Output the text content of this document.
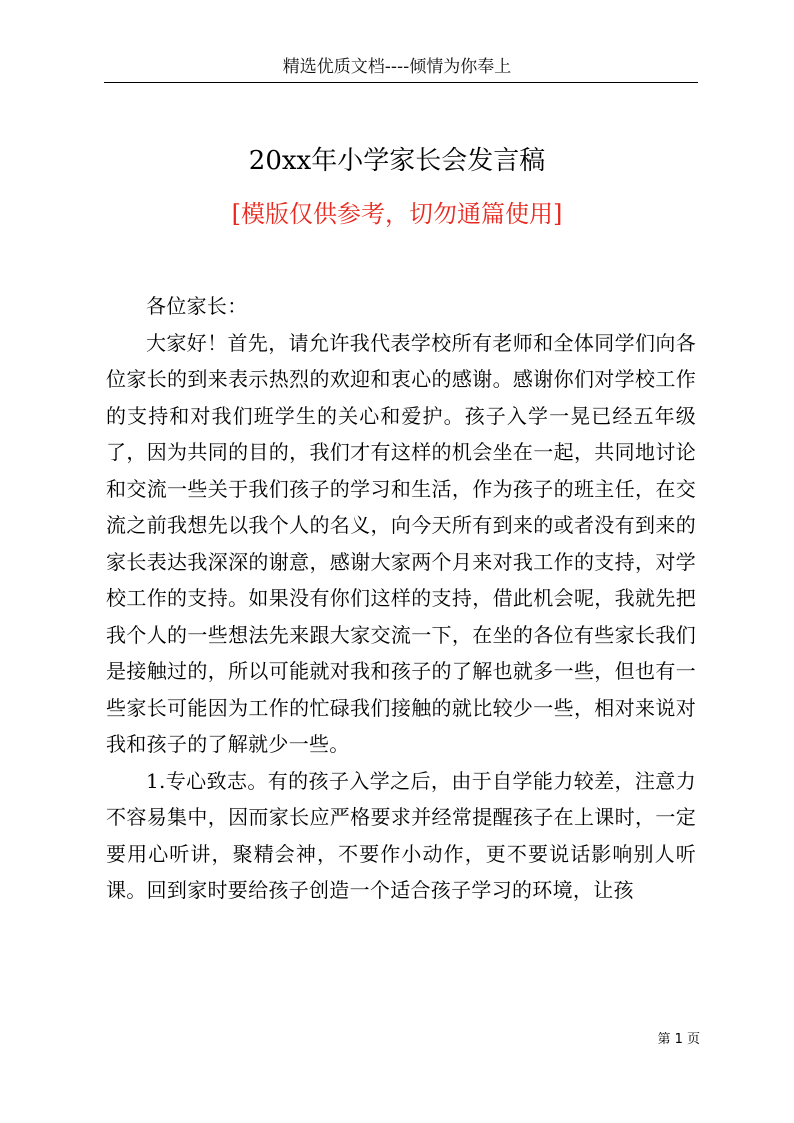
精选优质文档----倾情为你奉上
20xx年小学家长会发言稿
[模版仅供参考，切勿通篇使用]

各位家长：

大家好！首先，请允许我代表学校所有老师和全体同学们向各位家长的到来表示热烈的欢迎和衷心的感谢。感谢你们对学校工作的支持和对我们班学生的关心和爱护。孩子入学一晃已经五年级了，因为共同的目的，我们才有这样的机会坐在一起，共同地讨论和交流一些关于我们孩子的学习和生活，作为孩子的班主任，在交流之前我想先以我个人的名义，向今天所有到来的或者没有到来的家长表达我深深的谢意，感谢大家两个月来对我工作的支持，对学校工作的支持。如果没有你们这样的支持，借此机会呢，我就先把我个人的一些想法先来跟大家交流一下，在坐的各位有些家长我们是接触过的，所以可能就对我和孩子的了解也就多一些，但也有一些家长可能因为工作的忙碌我们接触的就比较少一些，相对来说对我和孩子的了解就少一些。

1.专心致志。有的孩子入学之后，由于自学能力较差，注意力不容易集中，因而家长应严格要求并经常提醒孩子在上课时，一定要用心听讲，聚精会神，不要作小动作，更不要说话影响别人听课。回到家时要给孩子创造一个适合孩子学习的环境，让孩

第 1 页
